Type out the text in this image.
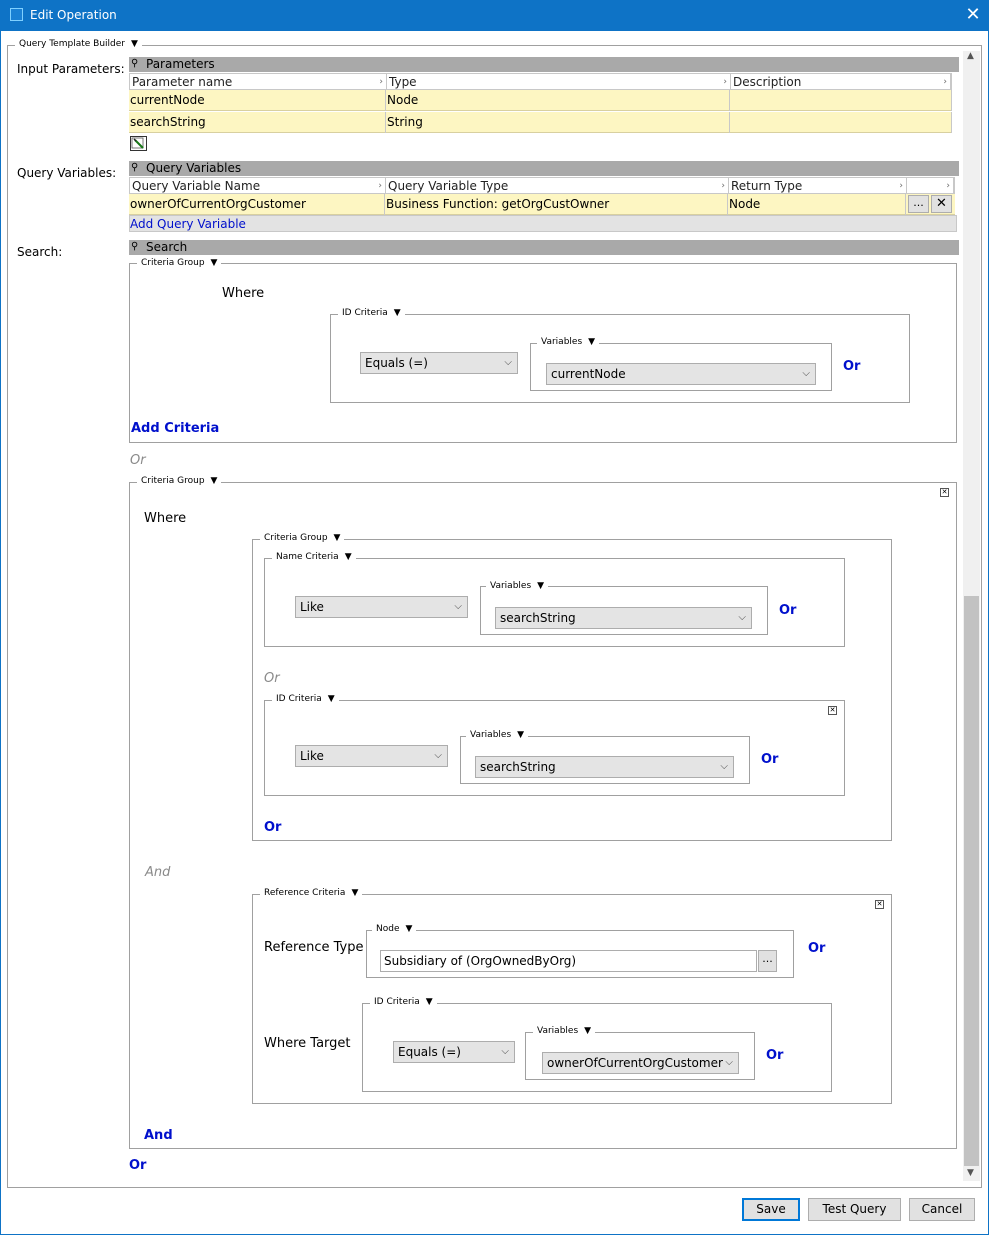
Edit Operation	✕
Query Template Builder ▼
Input Parameters:
Query Variables:
Search:
⚲ Parameters
Parameter name	› Type	› Description	›
currentNode	Node
searchString	String
⚲ Query Variables
Query Variable Name	› Query Variable Type	› Return Type	›	›
ownerOfCurrentOrgCustomer	Business Function: getOrgCustOwner	Node	... ✕
Add Query Variable
⚲ Search
Criteria Group ▼
Where
ID Criteria ▼
Equals (=)	⌵
Variables ▼
currentNode	⌵	Or
Add Criteria
Or
Criteria Group ▼
✕
Where
Criteria Group ▼
Name Criteria ▼
Like	⌵
Variables ▼
searchString	⌵	Or
Or
ID Criteria ▼
✕
Like	⌵
Variables ▼
searchString	⌵	Or
Or
And
Reference Criteria ▼
✕
Reference Type
Node ▼
Subsidiary of (OrgOwnedByOrg)	...
Or
Where Target
ID Criteria ▼
Equals (=)	⌵
Variables ▼
ownerOfCurrentOrgCustomer ⌵	Or
And
Or
▲
▼
Save	Test Query	Cancel
